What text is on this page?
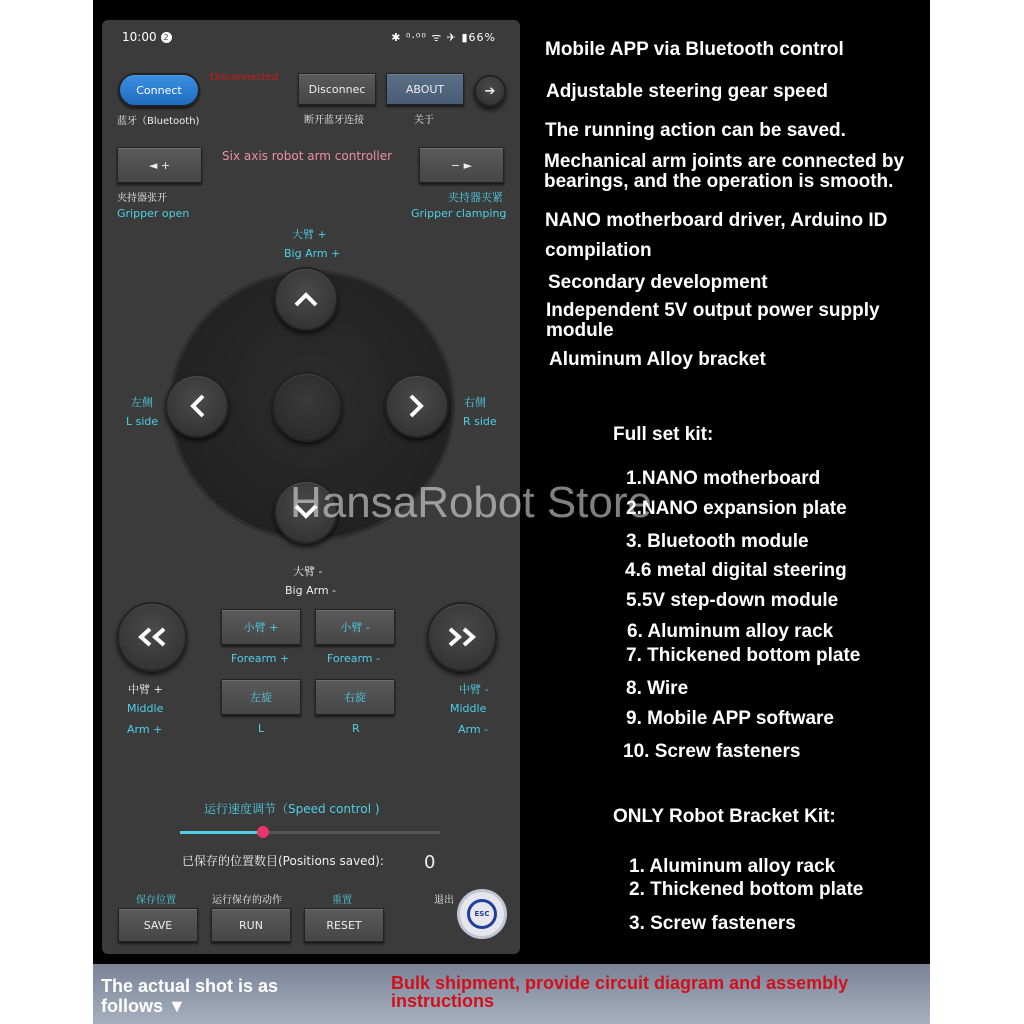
10:00 2	✱ ⁰·⁰⁰ ᯤ ✈ ▮66%
Connect
蓝牙（Bluetooth)
Disconnected
Disconnec
断开蓝牙连接
ABOUT
关于
➔
◄ +
Six axis robot arm controller
− ►
夹持器张开
Gripper open
夹持器夹紧
Gripper clamping
大臂 +
Big Arm +
左侧
L side
右侧
R side
大臂 -
Big Arm -
中臂 +
Middle
Arm +
中臂 -
Middle
Arm -
小臂 +	小臂 -
Forearm +	Forearm -
左旋	右旋
L	R
运行速度调节（Speed control )
已保存的位置数目(Positions saved): 0
保存位置	运行保存的动作	重置	退出
SAVE	RUN	RESET
ESC
Mobile APP via Bluetooth control
Adjustable steering gear speed
The running action can be saved.
Mechanical arm joints are connected by
bearings, and the operation is smooth.
NANO motherboard driver, Arduino ID
compilation
Secondary development
Independent 5V output power supply
module
Aluminum Alloy bracket
Full set kit:
1.NANO motherboard
2.NANO expansion plate
3. Bluetooth module
4.6 metal digital steering
5.5V step-down module
6. Aluminum alloy rack
7. Thickened bottom plate
8. Wire
9. Mobile APP software
10. Screw fasteners
ONLY Robot Bracket Kit:
1. Aluminum alloy rack
2. Thickened bottom plate
3. Screw fasteners
HansaRobot Store
The actual shot is as follows ▼
Bulk shipment, provide circuit diagram and assembly instructions
